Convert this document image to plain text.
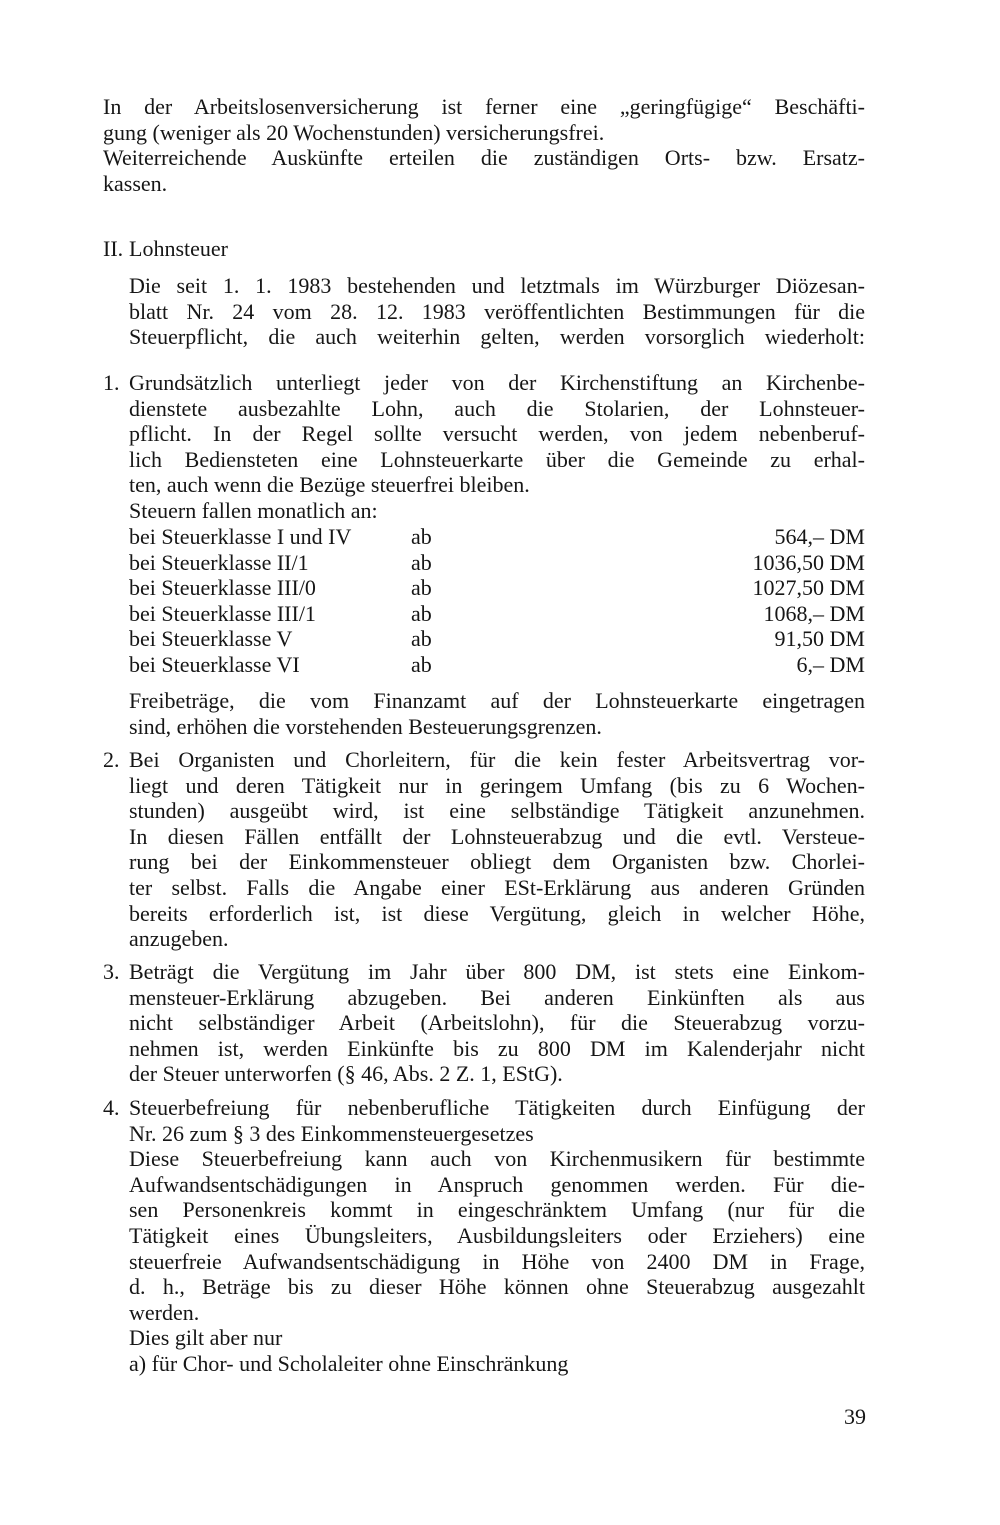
In der Arbeitslosenversicherung ist ferner eine „geringfügige“ Beschäfti-
gung (weniger als 20 Wochenstunden) versicherungsfrei.
Weiterreichende Auskünfte erteilen die zuständigen Orts- bzw. Ersatz-
kassen.
II. Lohnsteuer
Die seit 1. 1. 1983 bestehenden und letztmals im Würzburger Diözesan-
blatt Nr. 24 vom 28. 12. 1983 veröffentlichten Bestimmungen für die
Steuerpflicht, die auch weiterhin gelten, werden vorsorglich wiederholt:
1. Grundsätzlich unterliegt jeder von der Kirchenstiftung an Kirchenbe-
dienstete ausbezahlte Lohn, auch die Stolarien, der Lohnsteuer-
pflicht. In der Regel sollte versucht werden, von jedem nebenberuf-
lich Bediensteten eine Lohnsteuerkarte über die Gemeinde zu erhal-
ten, auch wenn die Bezüge steuerfrei bleiben.
Steuern fallen monatlich an:
bei Steuerklasse I und IV	ab	564,– DM
bei Steuerklasse II/1	ab	1036,50 DM
bei Steuerklasse III/0	ab	1027,50 DM
bei Steuerklasse III/1	ab	1068,– DM
bei Steuerklasse V	ab	91,50 DM
bei Steuerklasse VI	ab	6,– DM
Freibeträge, die vom Finanzamt auf der Lohnsteuerkarte eingetragen
sind, erhöhen die vorstehenden Besteuerungsgrenzen.
2. Bei Organisten und Chorleitern, für die kein fester Arbeitsvertrag vor-
liegt und deren Tätigkeit nur in geringem Umfang (bis zu 6 Wochen-
stunden) ausgeübt wird, ist eine selbständige Tätigkeit anzunehmen.
In diesen Fällen entfällt der Lohnsteuerabzug und die evtl. Versteue-
rung bei der Einkommensteuer obliegt dem Organisten bzw. Chorlei-
ter selbst. Falls die Angabe einer ESt-Erklärung aus anderen Gründen
bereits erforderlich ist, ist diese Vergütung, gleich in welcher Höhe,
anzugeben.
3. Beträgt die Vergütung im Jahr über 800 DM, ist stets eine Einkom-
mensteuer-Erklärung abzugeben. Bei anderen Einkünften als aus
nicht selbständiger Arbeit (Arbeitslohn), für die Steuerabzug vorzu-
nehmen ist, werden Einkünfte bis zu 800 DM im Kalenderjahr nicht
der Steuer unterworfen (§ 46, Abs. 2 Z. 1, EStG).
4. Steuerbefreiung für nebenberufliche Tätigkeiten durch Einfügung der
Nr. 26 zum § 3 des Einkommensteuergesetzes
Diese Steuerbefreiung kann auch von Kirchenmusikern für bestimmte
Aufwandsentschädigungen in Anspruch genommen werden. Für die-
sen Personenkreis kommt in eingeschränktem Umfang (nur für die
Tätigkeit eines Übungsleiters, Ausbildungsleiters oder Erziehers) eine
steuerfreie Aufwandsentschädigung in Höhe von 2400 DM in Frage,
d. h., Beträge bis zu dieser Höhe können ohne Steuerabzug ausgezahlt
werden.
Dies gilt aber nur
a) für Chor- und Scholaleiter ohne Einschränkung
39
